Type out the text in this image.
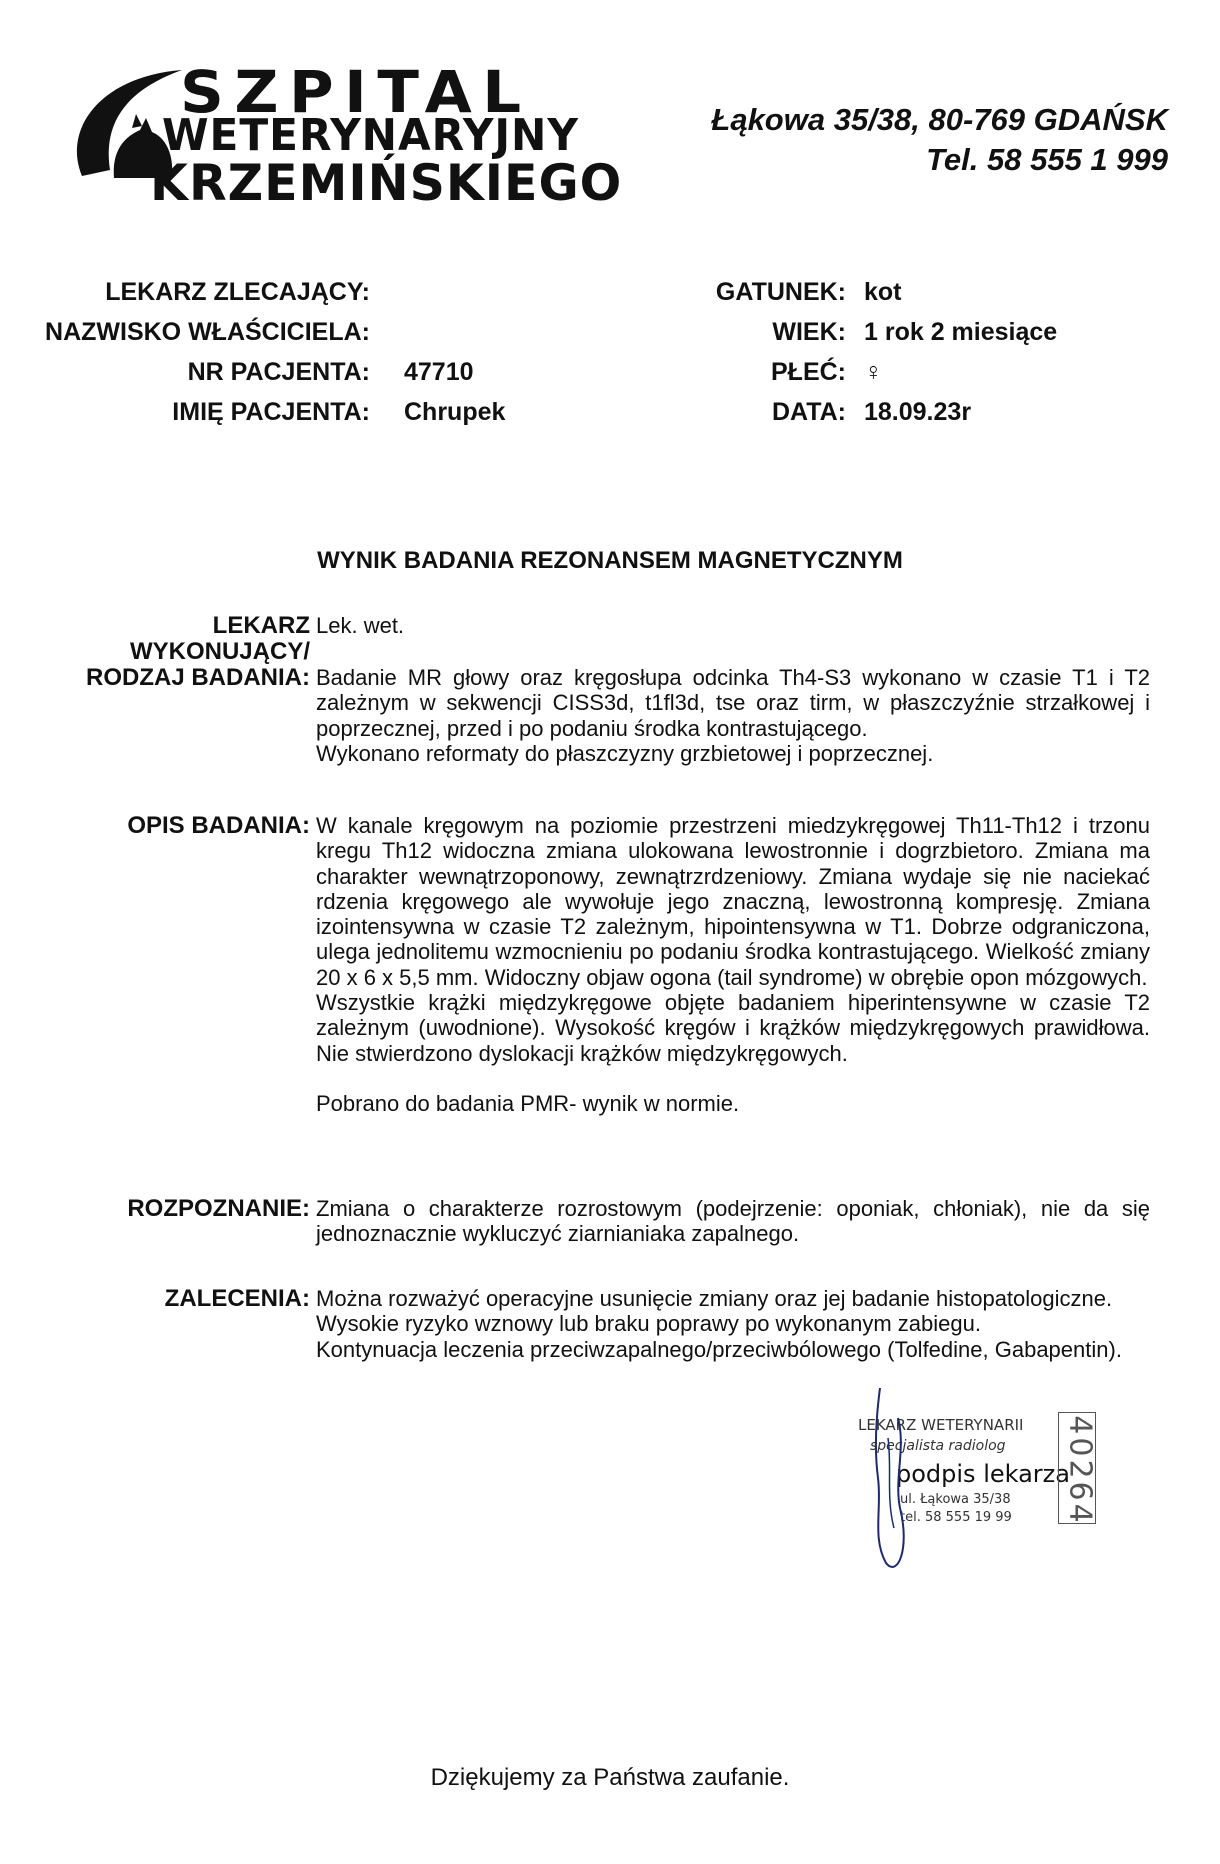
SZPITAL
WETERYNARYJNY
KRZEMIŃSKIEGO
Łąkowa 35/38, 80-769 GDAŃSK
Tel. 58 555 1 999
LEKARZ ZLECAJĄCY:
NAZWISKO WŁAŚCICIELA:
NR PACJENTA: 47710
IMIĘ PACJENTA: Chrupek
GATUNEK: kot
WIEK: 1 rok 2 miesiące
PŁEĆ: ♀
DATA: 18.09.23r
WYNIK BADANIA REZONANSEM MAGNETYCZNYM
LEKARZ
WYKONUJĄCY/
RODZAJ BADANIA:
Lek. wet.

Badanie MR głowy oraz kręgosłupa odcinka Th4-S3 wykonano w czasie T1 i T2 zależnym w sekwencji CISS3d, t1fl3d, tse oraz tirm, w płaszczyźnie strzałkowej i poprzecznej, przed i po podaniu środka kontrastującego.

Wykonano reformaty do płaszczyzny grzbietowej i poprzecznej.

OPIS BADANIA: W kanale kręgowym na poziomie przestrzeni miedzykręgowej Th11-Th12 i trzonu kregu Th12 widoczna zmiana ulokowana lewostronnie i dogrzbietoro. Zmiana ma charakter wewnątrzoponowy, zewnątrzrdzeniowy. Zmiana wydaje się nie naciekać rdzenia kręgowego ale wywołuje jego znaczną, lewostronną kompresję. Zmiana izointensywna w czasie T2 zależnym, hipointensywna w T1. Dobrze odgraniczona, ulega jednolitemu wzmocnieniu po podaniu środka kontrastującego. Wielkość zmiany 20 x 6 x 5,5 mm. Widoczny objaw ogona (tail syndrome) w obrębie opon mózgowych.

Wszystkie krążki międzykręgowe objęte badaniem hiperintensywne w czasie T2 zależnym (uwodnione). Wysokość kręgów i krążków międzykręgowych prawidłowa. Nie stwierdzono dyslokacji krążków międzykręgowych.

Pobrano do badania PMR- wynik w normie.

ROZPOZNANIE: Zmiana o charakterze rozrostowym (podejrzenie: oponiak, chłoniak), nie da się jednoznacznie wykluczyć ziarnianiaka zapalnego.
ZALECENIA: Można rozważyć operacyjne usunięcie zmiany oraz jej badanie histopatologiczne.

Wysokie ryzyko wznowy lub braku poprawy po wykonanym zabiegu.

Kontynuacja leczenia przeciwzapalnego/przeciwbólowego (Tolfedine, Gabapentin).

LEKARZ WETERYNARII
specjalista radiolog
podpis lekarza
ul. Łąkowa 35/38
tel. 58 555 19 99 40264
Dziękujemy za Państwa zaufanie.
